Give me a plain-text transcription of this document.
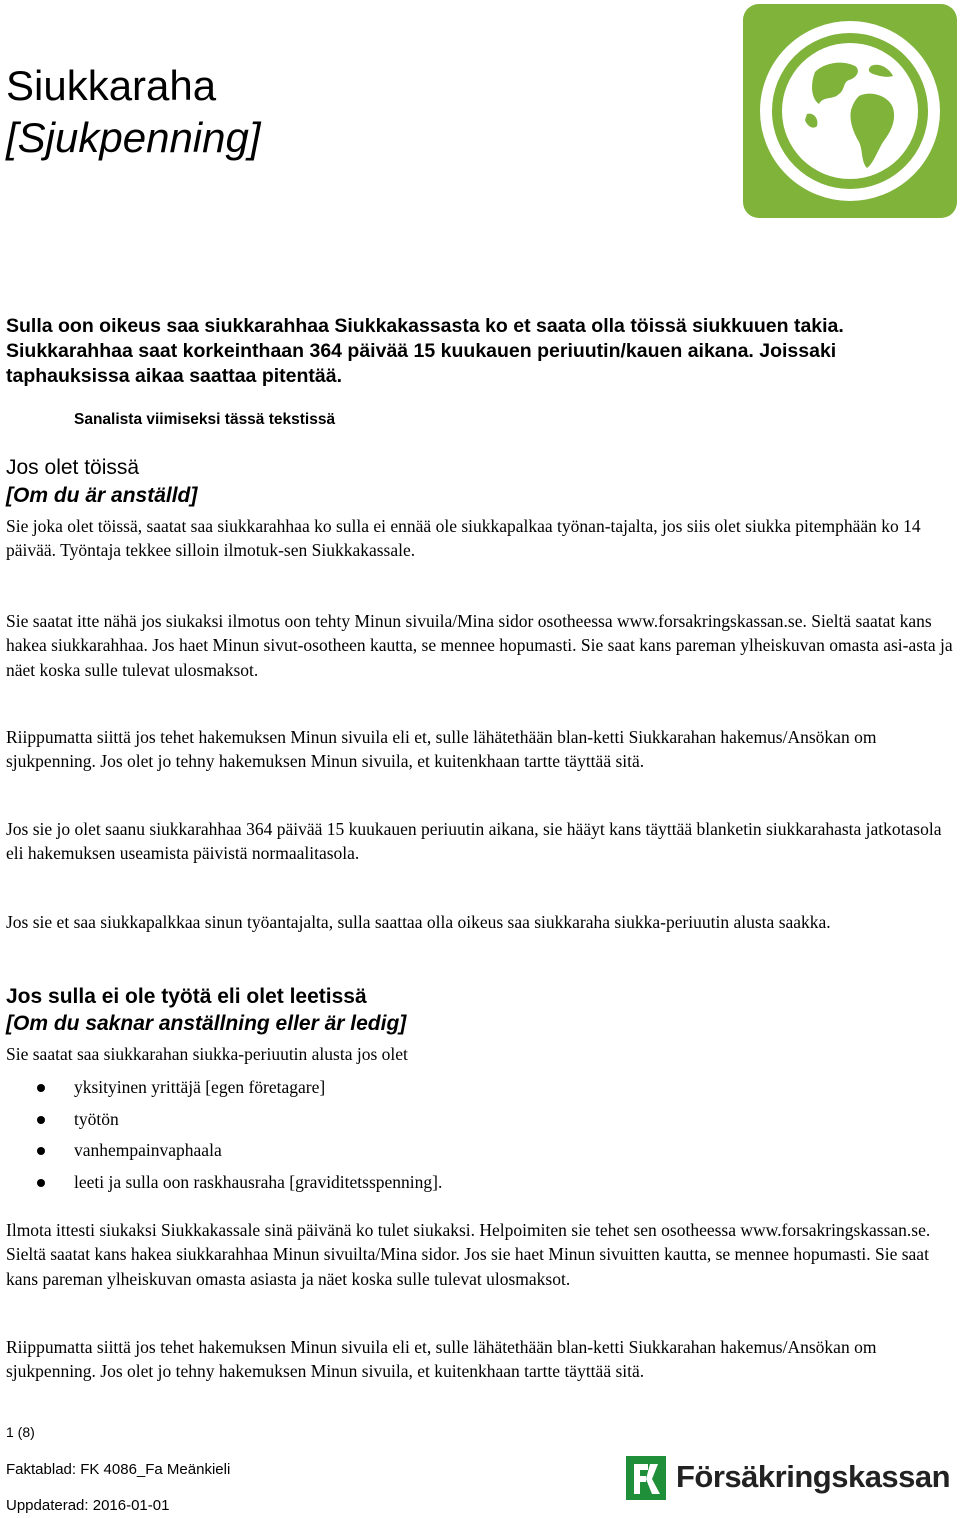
Siukkaraha
[Sjukpenning]
Sulla oon oikeus saa siukkarahhaa Siukkakassasta ko et saata olla töissä siukkuuen takia. Siukkarahhaa saat korkeinthaan 364 päivää 15 kuukauen periuutin/kauen aikana. Joissaki taphauksissa aikaa saattaa pitentää.
Sanalista viimiseksi tässä tekstissä
Jos olet töissä
[Om du är anställd]

Sie joka olet töissä, saatat saa siukkarahhaa ko sulla ei ennää ole siukkapalkaa työnan-tajalta, jos siis olet siukka pitemphään ko 14 päivää. Työntaja tekkee silloin ilmotuk-sen Siukkakassale.

Sie saatat itte nähä jos siukaksi ilmotus oon tehty Minun sivuila/Mina sidor osotheessa www.forsakringskassan.se. Sieltä saatat kans hakea siukkarahhaa. Jos haet Minun sivut-osotheen kautta, se mennee hopumasti. Sie saat kans pareman ylheiskuvan omasta asi-asta ja näet koska sulle tulevat ulosmaksot.

Riippumatta siittä jos tehet hakemuksen Minun sivuila eli et, sulle lähätethään blan-ketti Siukkarahan hakemus/Ansökan om sjukpenning. Jos olet jo tehny hakemuksen Minun sivuila, et kuitenkhaan tartte täyttää sitä.

Jos sie jo olet saanu siukkarahhaa 364 päivää 15 kuukauen periuutin aikana, sie hääyt kans täyttää blanketin siukkarahasta jatkotasola eli hakemuksen useamista päivistä normaalitasola.

Jos sie et saa siukkapalkkaa sinun työantajalta, sulla saattaa olla oikeus saa siukkaraha siukka-periuutin alusta saakka.

Jos sulla ei ole työtä eli olet leetissä
[Om du saknar anställning eller är ledig]

Sie saatat saa siukkarahan siukka-periuutin alusta jos olet

yksityinen yrittäjä [egen företagare]
työtön
vanhempainvaphaala
leeti ja sulla oon raskhausraha [graviditetsspenning].

Ilmota ittesti siukaksi Siukkakassale sinä päivänä ko tulet siukaksi. Helpoimiten sie tehet sen osotheessa www.forsakringskassan.se. Sieltä saatat kans hakea siukkarahhaa Minun sivuilta/Mina sidor. Jos sie haet Minun sivuitten kautta, se mennee hopumasti. Sie saat kans pareman ylheiskuvan omasta asiasta ja näet koska sulle tulevat ulosmaksot.

Riippumatta siittä jos tehet hakemuksen Minun sivuila eli et, sulle lähätethään blan-ketti Siukkarahan hakemus/Ansökan om sjukpenning. Jos olet jo tehny hakemuksen Minun sivuila, et kuitenkhaan tartte täyttää sitä.

1 (8)
Faktablad: FK 4086_Fa Meänkieli
Uppdaterad: 2016-01-01
Försäkringskassan
